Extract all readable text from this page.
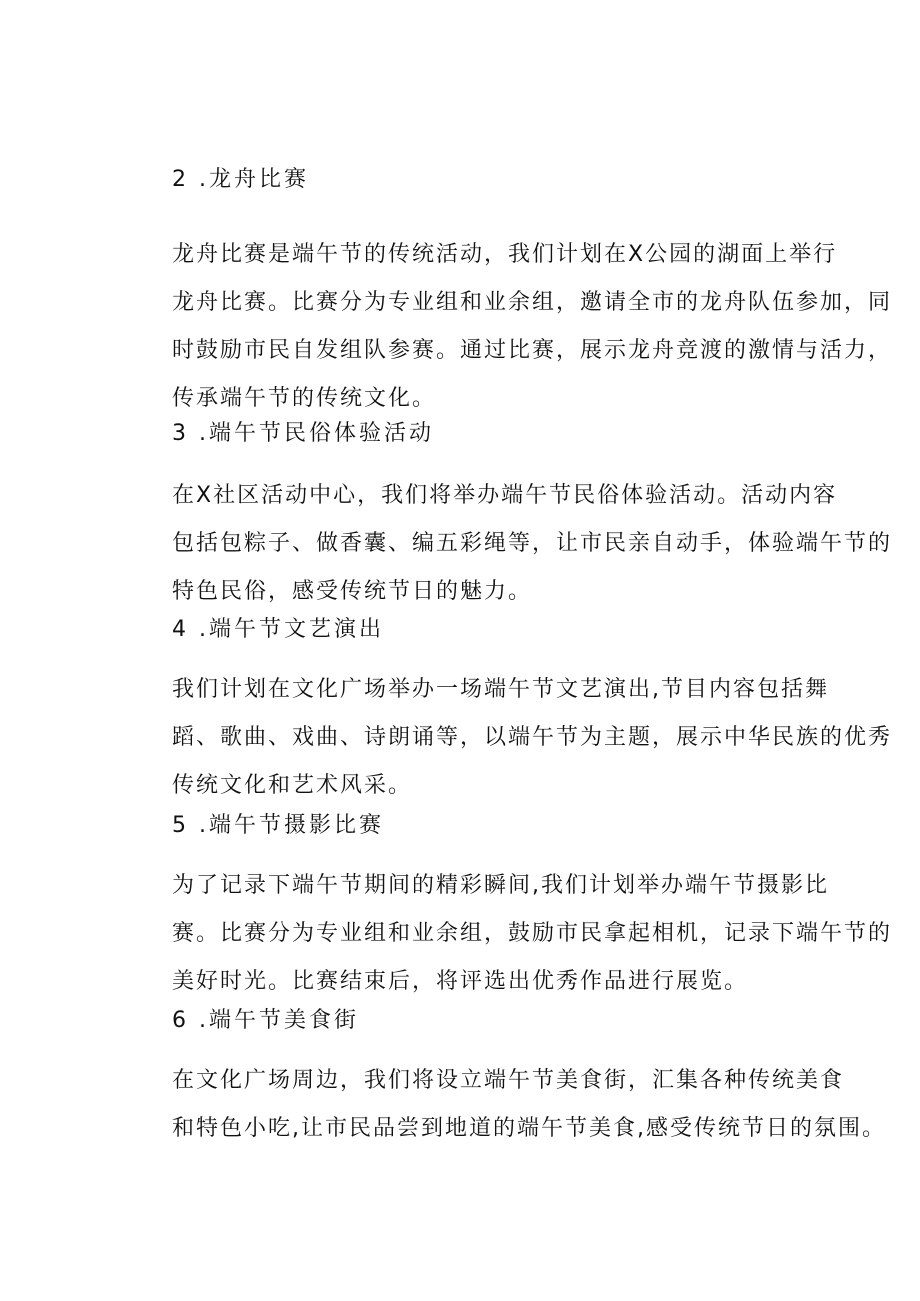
2 .龙舟比赛
龙舟比赛是端午节的传统活动，我们计划在X公园的湖面上举行
龙舟比赛。比赛分为专业组和业余组，邀请全市的龙舟队伍参加，同
时鼓励市民自发组队参赛。通过比赛，展示龙舟竞渡的激情与活力，
传承端午节的传统文化。
3 .端午节民俗体验活动
在X社区活动中心，我们将举办端午节民俗体验活动。活动内容
包括包粽子、做香囊、编五彩绳等，让市民亲自动手，体验端午节的
特色民俗，感受传统节日的魅力。
4 .端午节文艺演出
我们计划在文化广场举办一场端午节文艺演出,节目内容包括舞
蹈、歌曲、戏曲、诗朗诵等，以端午节为主题，展示中华民族的优秀
传统文化和艺术风采。
5 .端午节摄影比赛
为了记录下端午节期间的精彩瞬间,我们计划举办端午节摄影比
赛。比赛分为专业组和业余组，鼓励市民拿起相机，记录下端午节的
美好时光。比赛结束后，将评选出优秀作品进行展览。
6 .端午节美食街
在文化广场周边，我们将设立端午节美食街，汇集各种传统美食
和特色小吃,让市民品尝到地道的端午节美食,感受传统节日的氛围。
